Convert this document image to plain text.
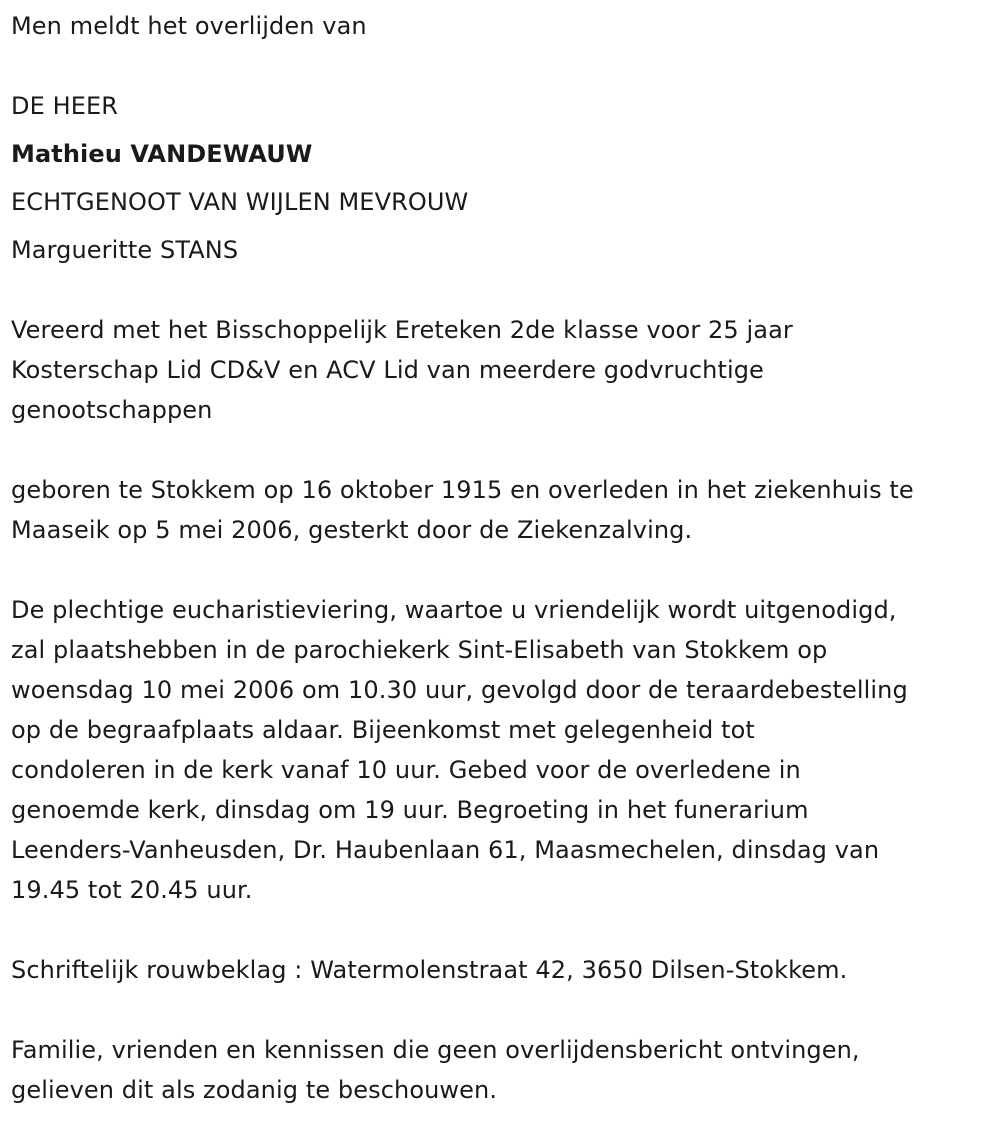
Men meldt het overlijden van
DE HEER
Mathieu VANDEWAUW
ECHTGENOOT VAN WIJLEN MEVROUW
Margueritte STANS
Vereerd met het Bisschoppelijk Ereteken 2de klasse voor 25 jaar
Kosterschap Lid CD&V en ACV Lid van meerdere godvruchtige
genootschappen
geboren te Stokkem op 16 oktober 1915 en overleden in het ziekenhuis te
Maaseik op 5 mei 2006, gesterkt door de Ziekenzalving.
De plechtige eucharistieviering, waartoe u vriendelijk wordt uitgenodigd,
zal plaatshebben in de parochiekerk Sint-Elisabeth van Stokkem op
woensdag 10 mei 2006 om 10.30 uur, gevolgd door de teraardebestelling
op de begraafplaats aldaar. Bijeenkomst met gelegenheid tot
condoleren in de kerk vanaf 10 uur. Gebed voor de overledene in
genoemde kerk, dinsdag om 19 uur. Begroeting in het funerarium
Leenders-Vanheusden, Dr. Haubenlaan 61, Maasmechelen, dinsdag van
19.45 tot 20.45 uur.
Schriftelijk rouwbeklag : Watermolenstraat 42, 3650 Dilsen-Stokkem.
Familie, vrienden en kennissen die geen overlijdensbericht ontvingen,
gelieven dit als zodanig te beschouwen.
